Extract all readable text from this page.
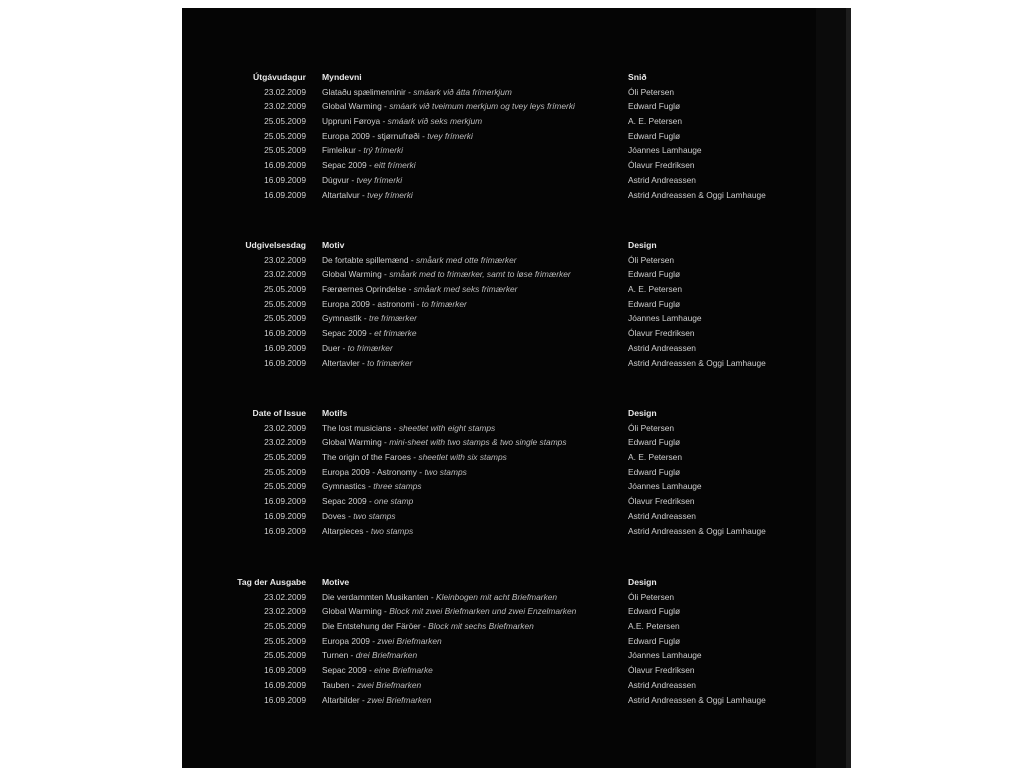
Útgávudagur Myndevni	Snið
23.02.2009 Glataðu spælimenninir - smáark við átta frímerkjum	Óli Petersen
23.02.2009 Global Warming - smáark við tveimum merkjum og tvey leys frímerki	Edward Fuglø
25.05.2009 Uppruni Føroya - smáark við seks merkjum	A. E. Petersen
25.05.2009 Europa 2009 - stjørnufrøði - tvey frímerki	Edward Fuglø
25.05.2009 Fimleikur - trý frímerki	Jóannes Lamhauge
16.09.2009 Sepac 2009 - eitt frímerki	Ólavur Fredriksen
16.09.2009 Dúgvur - tvey frímerki	Astrid Andreassen
16.09.2009 Altartalvur - tvey frímerki	Astrid Andreassen & Oggi Lamhauge
Udgivelsesdag Motiv	Design
23.02.2009 De fortabte spillemænd - småark med otte frimærker	Óli Petersen
23.02.2009 Global Warming - småark med to frimærker, samt to løse frimærker	Edward Fuglø
25.05.2009 Færøernes Oprindelse - småark med seks frimærker	A. E. Petersen
25.05.2009 Europa 2009 - astronomi - to frimærker	Edward Fuglø
25.05.2009 Gymnastik - tre frimærker	Jóannes Lamhauge
16.09.2009 Sepac 2009 - et frimærke	Ólavur Fredriksen
16.09.2009 Duer - to frimærker	Astrid Andreassen
16.09.2009 Altertavler - to frimærker	Astrid Andreassen & Oggi Lamhauge
Date of Issue Motifs	Design
23.02.2009 The lost musicians - sheetlet with eight stamps	Óli Petersen
23.02.2009 Global Warming - mini-sheet with two stamps & two single stamps	Edward Fuglø
25.05.2009 The origin of the Faroes - sheetlet with six stamps	A. E. Petersen
25.05.2009 Europa 2009 - Astronomy - two stamps	Edward Fuglø
25.05.2009 Gymnastics - three stamps	Jóannes Lamhauge
16.09.2009 Sepac 2009 - one stamp	Ólavur Fredriksen
16.09.2009 Doves - two stamps	Astrid Andreassen
16.09.2009 Altarpieces - two stamps	Astrid Andreassen & Oggi Lamhauge
Tag der Ausgabe Motive	Design
23.02.2009 Die verdammten Musikanten - Kleinbogen mit acht Briefmarken	Óli Petersen
23.02.2009 Global Warming - Block mit zwei Briefmarken und zwei Enzelmarken	Edward Fuglø
25.05.2009 Die Entstehung der Färöer - Block mit sechs Briefmarken	A.E. Petersen
25.05.2009 Europa 2009 - zwei Briefmarken	Edward Fuglø
25.05.2009 Turnen - drei Briefmarken	Jóannes Lamhauge
16.09.2009 Sepac 2009 - eine Briefmarke	Ólavur Fredriksen
16.09.2009 Tauben - zwei Briefmarken	Astrid Andreassen
16.09.2009 Altarbilder - zwei Briefmarken	Astrid Andreassen & Oggi Lamhauge
